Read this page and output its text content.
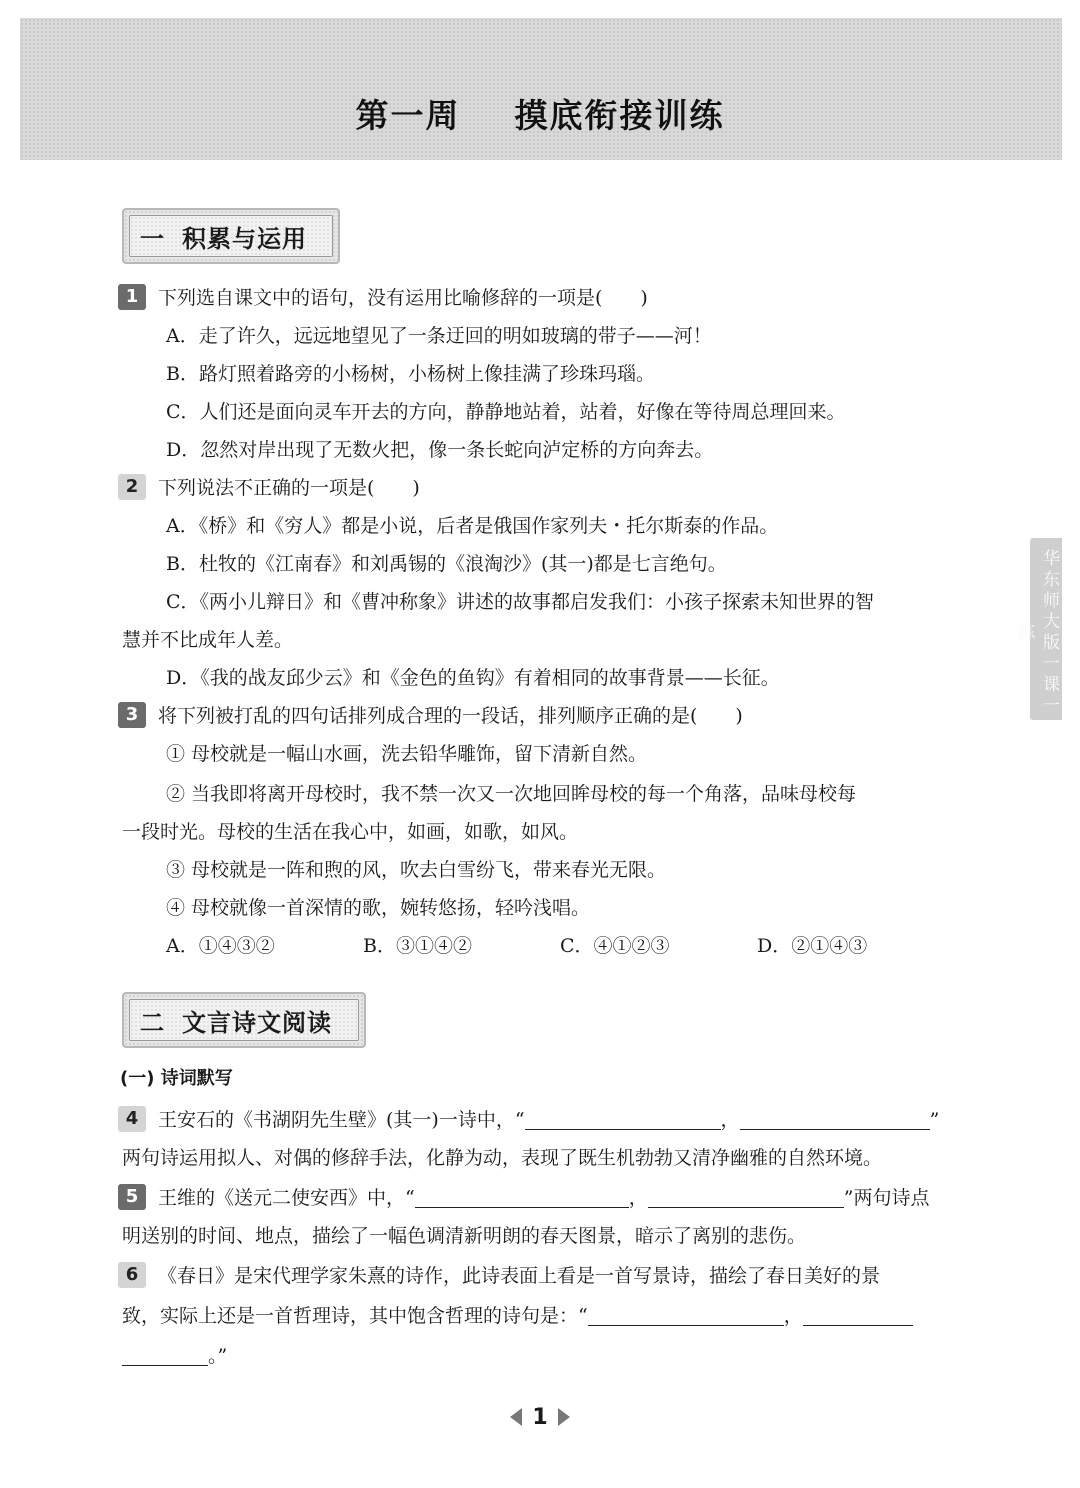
第一周    摸底衔接训练
华东师大版一课一练
一 积累与运用
1 下列选自课文中的语句，没有运用比喻修辞的一项是(　　)
A．走了许久，远远地望见了一条迂回的明如玻璃的带子——河！
B．路灯照着路旁的小杨树，小杨树上像挂满了珍珠玛瑙。
C．人们还是面向灵车开去的方向，静静地站着，站着，好像在等待周总理回来。
D．忽然对岸出现了无数火把，像一条长蛇向泸定桥的方向奔去。
2 下列说法不正确的一项是(　　)
A．《桥》和《穷人》都是小说，后者是俄国作家列夫・托尔斯泰的作品。
B．杜牧的《江南春》和刘禹锡的《浪淘沙》(其一)都是七言绝句。
C．《两小儿辩日》和《曹冲称象》讲述的故事都启发我们：小孩子探索未知世界的智
慧并不比成年人差。
D．《我的战友邱少云》和《金色的鱼钩》有着相同的故事背景——长征。
3 将下列被打乱的四句话排列成合理的一段话，排列顺序正确的是(　　)
① 母校就是一幅山水画，洗去铅华雕饰，留下清新自然。
② 当我即将离开母校时，我不禁一次又一次地回眸母校的每一个角落，品味母校每
一段时光。母校的生活在我心中，如画，如歌，如风。
③ 母校就是一阵和煦的风，吹去白雪纷飞，带来春光无限。
④ 母校就像一首深情的歌，婉转悠扬，轻吟浅唱。
A．①④③②	B．③①④②	C．④①②③	D．②①④③
二 文言诗文阅读
(一) 诗词默写
4 王安石的《书湖阴先生壁》(其一)一诗中，“	，	”
两句诗运用拟人、对偶的修辞手法，化静为动，表现了既生机勃勃又清净幽雅的自然环境。
5 王维的《送元二使安西》中，“	，	”两句诗点
明送别的时间、地点，描绘了一幅色调清新明朗的春天图景，暗示了离别的悲伤。
6 《春日》是宋代理学家朱熹的诗作，此诗表面上看是一首写景诗，描绘了春日美好的景
致，实际上还是一首哲理诗，其中饱含哲理的诗句是：“	，
。”
1
